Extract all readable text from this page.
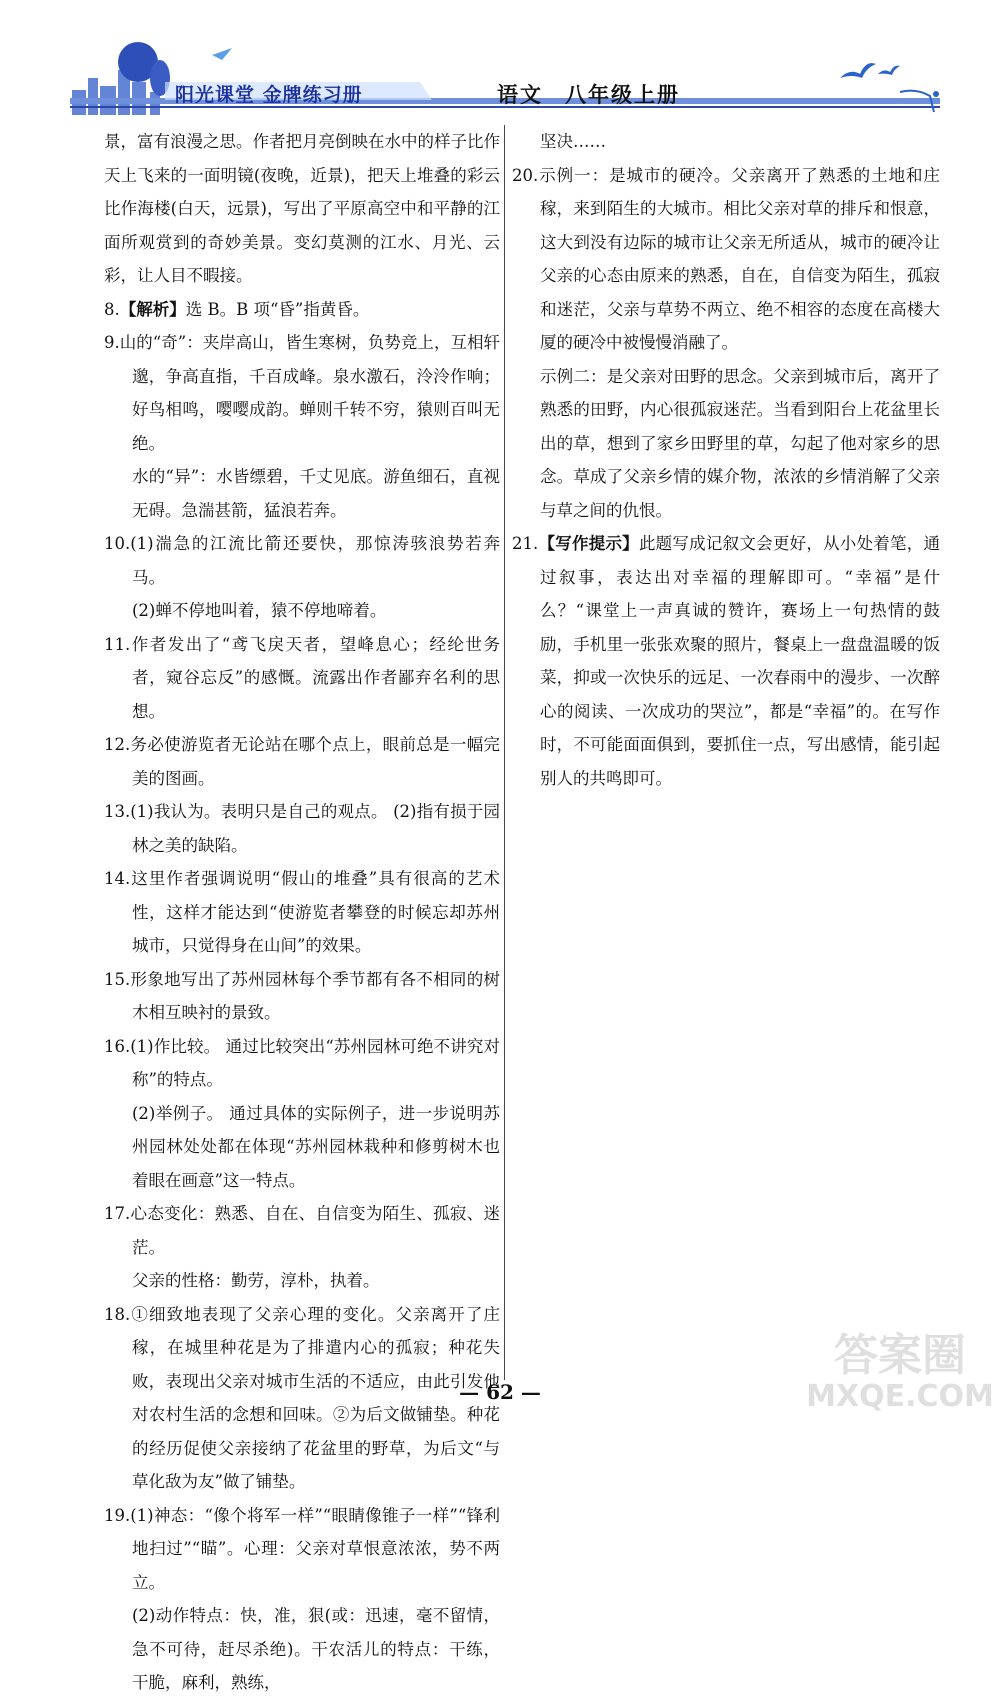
阳光课堂 金牌练习册	语文 八年级上册

景，富有浪漫之思。作者把月亮倒映在水中的样子比作天上飞来的一面明镜(夜晚，近景)，把天上堆叠的彩云比作海楼(白天，远景)，写出了平原高空中和平静的江面所观赏到的奇妙美景。变幻莫测的江水、月光、云彩，让人目不暇接。

8.【解析】选 B。B 项“昏”指黄昏。

9.山的“奇”：夹岸高山，皆生寒树，负势竞上，互相轩邈，争高直指，千百成峰。泉水激石，泠泠作响；好鸟相鸣，嘤嘤成韵。蝉则千转不穷，猿则百叫无绝。

水的“异”：水皆缥碧，千丈见底。游鱼细石，直视无碍。急湍甚箭，猛浪若奔。

10.(1)湍急的江流比箭还要快，那惊涛骇浪势若奔马。

(2)蝉不停地叫着，猿不停地啼着。

11.作者发出了“鸢飞戾天者，望峰息心；经纶世务者，窥谷忘反”的感慨。流露出作者鄙弃名利的思想。

12.务必使游览者无论站在哪个点上，眼前总是一幅完美的图画。

13.(1)我认为。表明只是自己的观点。 (2)指有损于园林之美的缺陷。

14.这里作者强调说明“假山的堆叠”具有很高的艺术性，这样才能达到“使游览者攀登的时候忘却苏州城市，只觉得身在山间”的效果。

15.形象地写出了苏州园林每个季节都有各不相同的树木相互映衬的景致。

16.(1)作比较。 通过比较突出“苏州园林可绝不讲究对称”的特点。

(2)举例子。 通过具体的实际例子，进一步说明苏州园林处处都在体现“苏州园林栽种和修剪树木也着眼在画意”这一特点。

17.心态变化：熟悉、自在、自信变为陌生、孤寂、迷茫。

父亲的性格：勤劳，淳朴，执着。

18.①细致地表现了父亲心理的变化。父亲离开了庄稼，在城里种花是为了排遣内心的孤寂；种花失败，表现出父亲对城市生活的不适应，由此引发他对农村生活的念想和回味。②为后文做铺垫。种花的经历促使父亲接纳了花盆里的野草，为后文“与草化敌为友”做了铺垫。

19.(1)神态：“像个将军一样”“眼睛像锥子一样”“锋利地扫过”“瞄”。心理：父亲对草恨意浓浓，势不两立。

(2)动作特点：快，准，狠(或：迅速，毫不留情，急不可待，赶尽杀绝)。干农活儿的特点：干练，干脆，麻利，熟练，

坚决……

20.示例一：是城市的硬冷。父亲离开了熟悉的土地和庄稼，来到陌生的大城市。相比父亲对草的排斥和恨意，这大到没有边际的城市让父亲无所适从，城市的硬冷让父亲的心态由原来的熟悉，自在，自信变为陌生，孤寂和迷茫，父亲与草势不两立、绝不相容的态度在高楼大厦的硬冷中被慢慢消融了。

示例二：是父亲对田野的思念。父亲到城市后，离开了熟悉的田野，内心很孤寂迷茫。当看到阳台上花盆里长出的草，想到了家乡田野里的草，勾起了他对家乡的思念。草成了父亲乡情的媒介物，浓浓的乡情消解了父亲与草之间的仇恨。

21.【写作提示】此题写成记叙文会更好，从小处着笔，通过叙事，表达出对幸福的理解即可。“幸福”是什么？“课堂上一声真诚的赞许，赛场上一句热情的鼓励，手机里一张张欢聚的照片，餐桌上一盘盘温暖的饭菜，抑或一次快乐的远足、一次春雨中的漫步、一次醉心的阅读、一次成功的哭泣”，都是“幸福”的。在写作时，不可能面面俱到，要抓住一点，写出感情，能引起别人的共鸣即可。

— 62 —
答案圈
MXQE.COM
